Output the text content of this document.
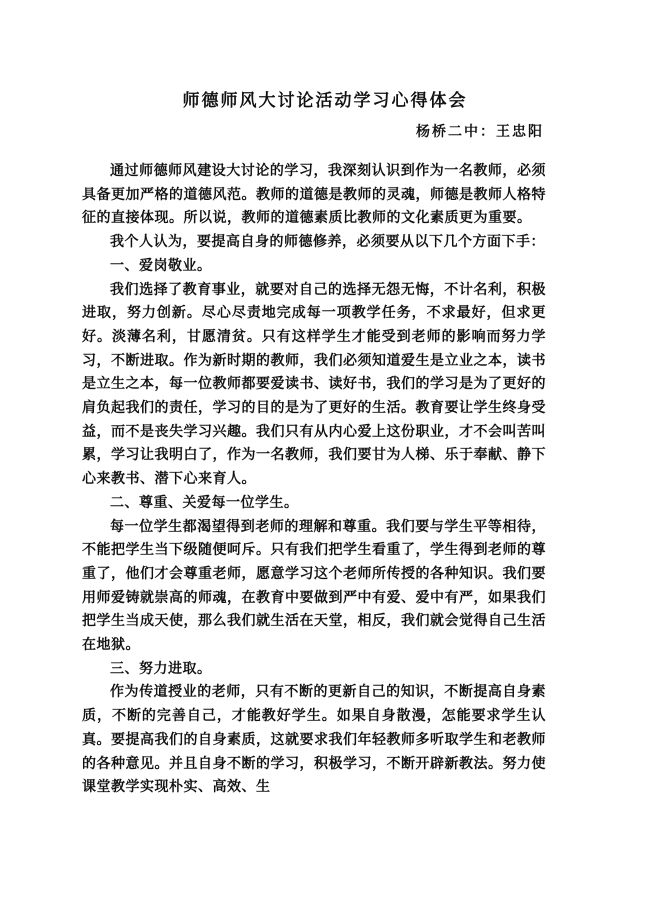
师德师风大讨论活动学习心得体会
杨桥二中：王忠阳

通过师德师风建设大讨论的学习，我深刻认识到作为一名教师，必须具备更加严格的道德风范。教师的道德是教师的灵魂，师德是教师人格特征的直接体现。所以说，教师的道德素质比教师的文化素质更为重要。

我个人认为，要提高自身的师德修养，必须要从以下几个方面下手：

一、爱岗敬业。

我们选择了教育事业，就要对自己的选择无怨无悔，不计名利，积极进取，努力创新。尽心尽责地完成每一项教学任务，不求最好，但求更好。淡薄名利，甘愿清贫。只有这样学生才能受到老师的影响而努力学习，不断进取。作为新时期的教师，我们必须知道爱生是立业之本，读书是立生之本，每一位教师都要爱读书、读好书，我们的学习是为了更好的肩负起我们的责任，学习的目的是为了更好的生活。教育要让学生终身受益，而不是丧失学习兴趣。我们只有从内心爱上这份职业，才不会叫苦叫累，学习让我明白了，作为一名教师，我们要甘为人梯、乐于奉献、静下心来教书、潜下心来育人。

二、尊重、关爱每一位学生。

每一位学生都渴望得到老师的理解和尊重。我们要与学生平等相待，不能把学生当下级随便呵斥。只有我们把学生看重了，学生得到老师的尊重了，他们才会尊重老师，愿意学习这个老师所传授的各种知识。我们要用师爱铸就崇高的师魂，在教育中要做到严中有爱、爱中有严，如果我们把学生当成天使，那么我们就生活在天堂，相反，我们就会觉得自己生活在地狱。

三、努力进取。

作为传道授业的老师，只有不断的更新自己的知识，不断提高自身素质，不断的完善自己，才能教好学生。如果自身散漫，怎能要求学生认真。要提高我们的自身素质，这就要求我们年轻教师多听取学生和老教师的各种意见。并且自身不断的学习，积极学习，不断开辟新教法。努力使课堂教学实现朴实、高效、生
